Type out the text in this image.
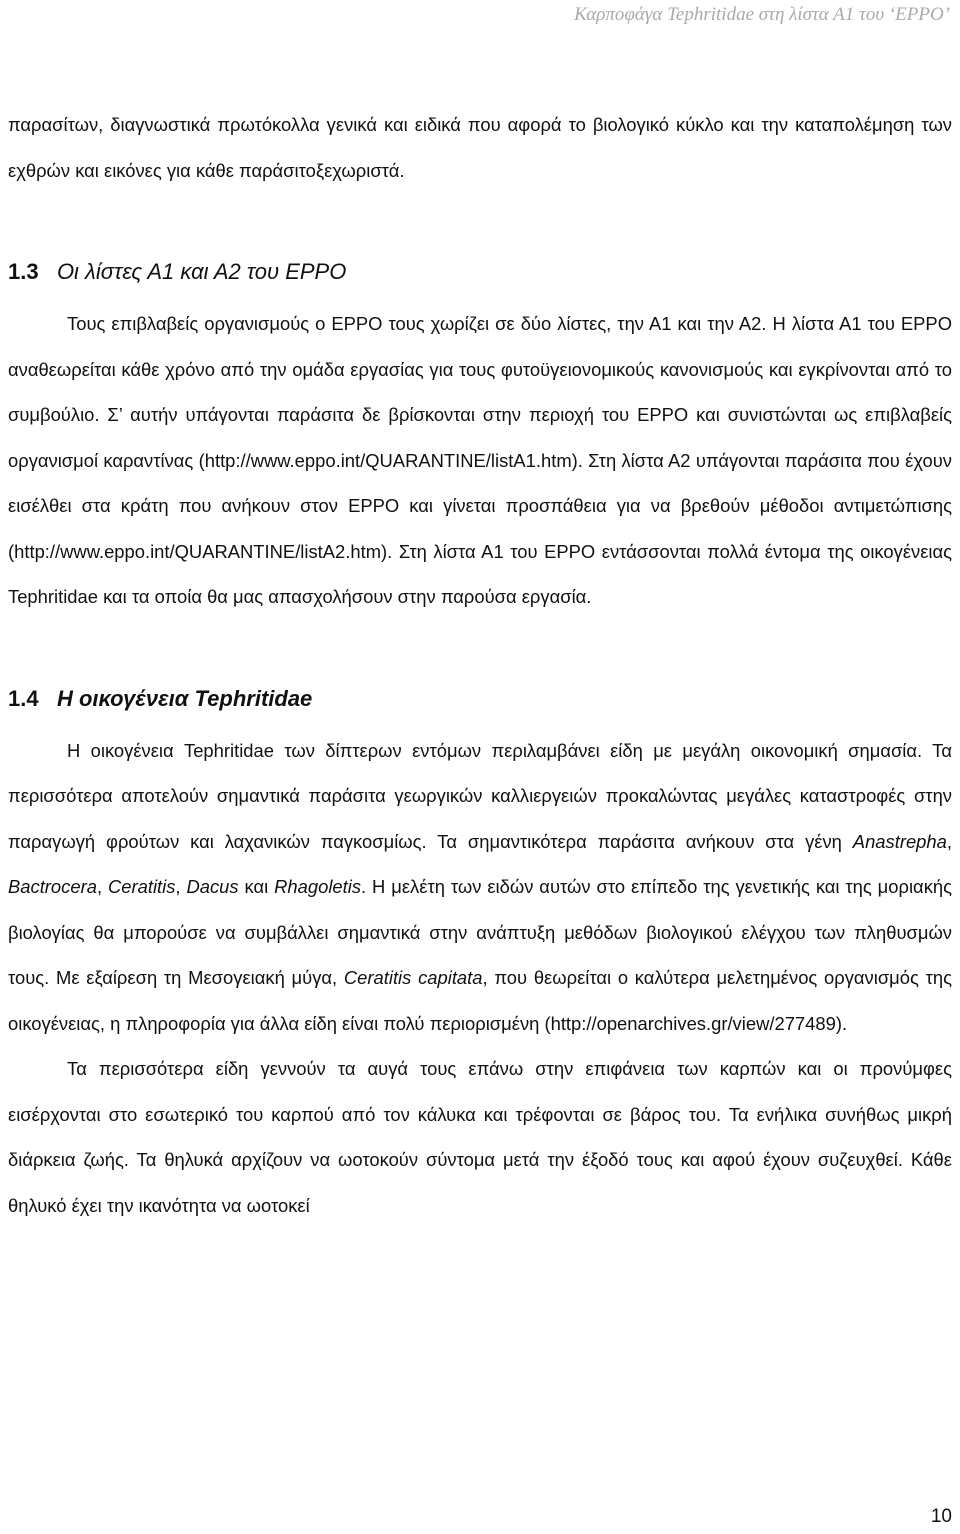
Καρποφάγα Tephritidae στη λίστα Α1 του ‘EPPO’

παρασίτων, διαγνωστικά πρωτόκολλα γενικά και ειδικά που αφορά το βιολογικό κύκλο και την καταπολέμηση των εχθρών και εικόνες για κάθε παράσιτοξεχωριστά.

1.3 Οι λίστες Α1 και Α2 του ΕΡΡΟ

Τους επιβλαβείς οργανισμούς ο ΕΡΡΟ τους χωρίζει σε δύο λίστες, την Α1 και την Α2. Η λίστα Α1 του ΕΡΡΟ αναθεωρείται κάθε χρόνο από την ομάδα εργασίας για τους φυτοϋγειονομικούς κανονισμούς και εγκρίνονται από το συμβούλιο. Σ’ αυτήν υπάγονται παράσιτα δε βρίσκονται στην περιοχή του ΕΡΡΟ και συνιστώνται ως επιβλαβείς οργανισμοί καραντίνας (http://www.eppo.int/QUARANTINE/listA1.htm). Στη λίστα Α2 υπάγονται παράσιτα που έχουν εισέλθει στα κράτη που ανήκουν στον ΕΡΡΟ και γίνεται προσπάθεια για να βρεθούν μέθοδοι αντιμετώπισης (http://www.eppo.int/QUARANTINE/listA2.htm). Στη λίστα Α1 του ΕΡΡΟ εντάσσονται πολλά έντομα της οικογένειας Tephritidae και τα οποία θα μας απασχολήσουν στην παρούσα εργασία.

1.4 Η οικογένεια Tephritidae

Η οικογένεια Tephritidae των δίπτερων εντόμων περιλαμβάνει είδη με μεγάλη οικονομική σημασία. Τα περισσότερα αποτελούν σημαντικά παράσιτα γεωργικών καλλιεργειών προκαλώντας μεγάλες καταστροφές στην παραγωγή φρούτων και λαχανικών παγκοσμίως. Τα σημαντικότερα παράσιτα ανήκουν στα γένη Anastrepha, Bactrocera, Ceratitis, Dacus και Rhagoletis. Η μελέτη των ειδών αυτών στο επίπεδο της γενετικής και της μοριακής βιολογίας θα μπορούσε να συμβάλλει σημαντικά στην ανάπτυξη μεθόδων βιολογικού ελέγχου των πληθυσμών τους. Με εξαίρεση τη Μεσογειακή μύγα, Ceratitis capitata, που θεωρείται ο καλύτερα μελετημένος οργανισμός της οικογένειας, η πληροφορία για άλλα είδη είναι πολύ περιορισμένη (http://openarchives.gr/view/277489).

Τα περισσότερα είδη γεννούν τα αυγά τους επάνω στην επιφάνεια των καρπών και οι προνύμφες εισέρχονται στο εσωτερικό του καρπού από τον κάλυκα και τρέφονται σε βάρος του. Τα ενήλικα συνήθως μικρή διάρκεια ζωής. Τα θηλυκά αρχίζουν να ωοτοκούν σύντομα μετά την έξοδό τους και αφού έχουν συζευχθεί. Κάθε θηλυκό έχει την ικανότητα να ωοτοκεί

10
